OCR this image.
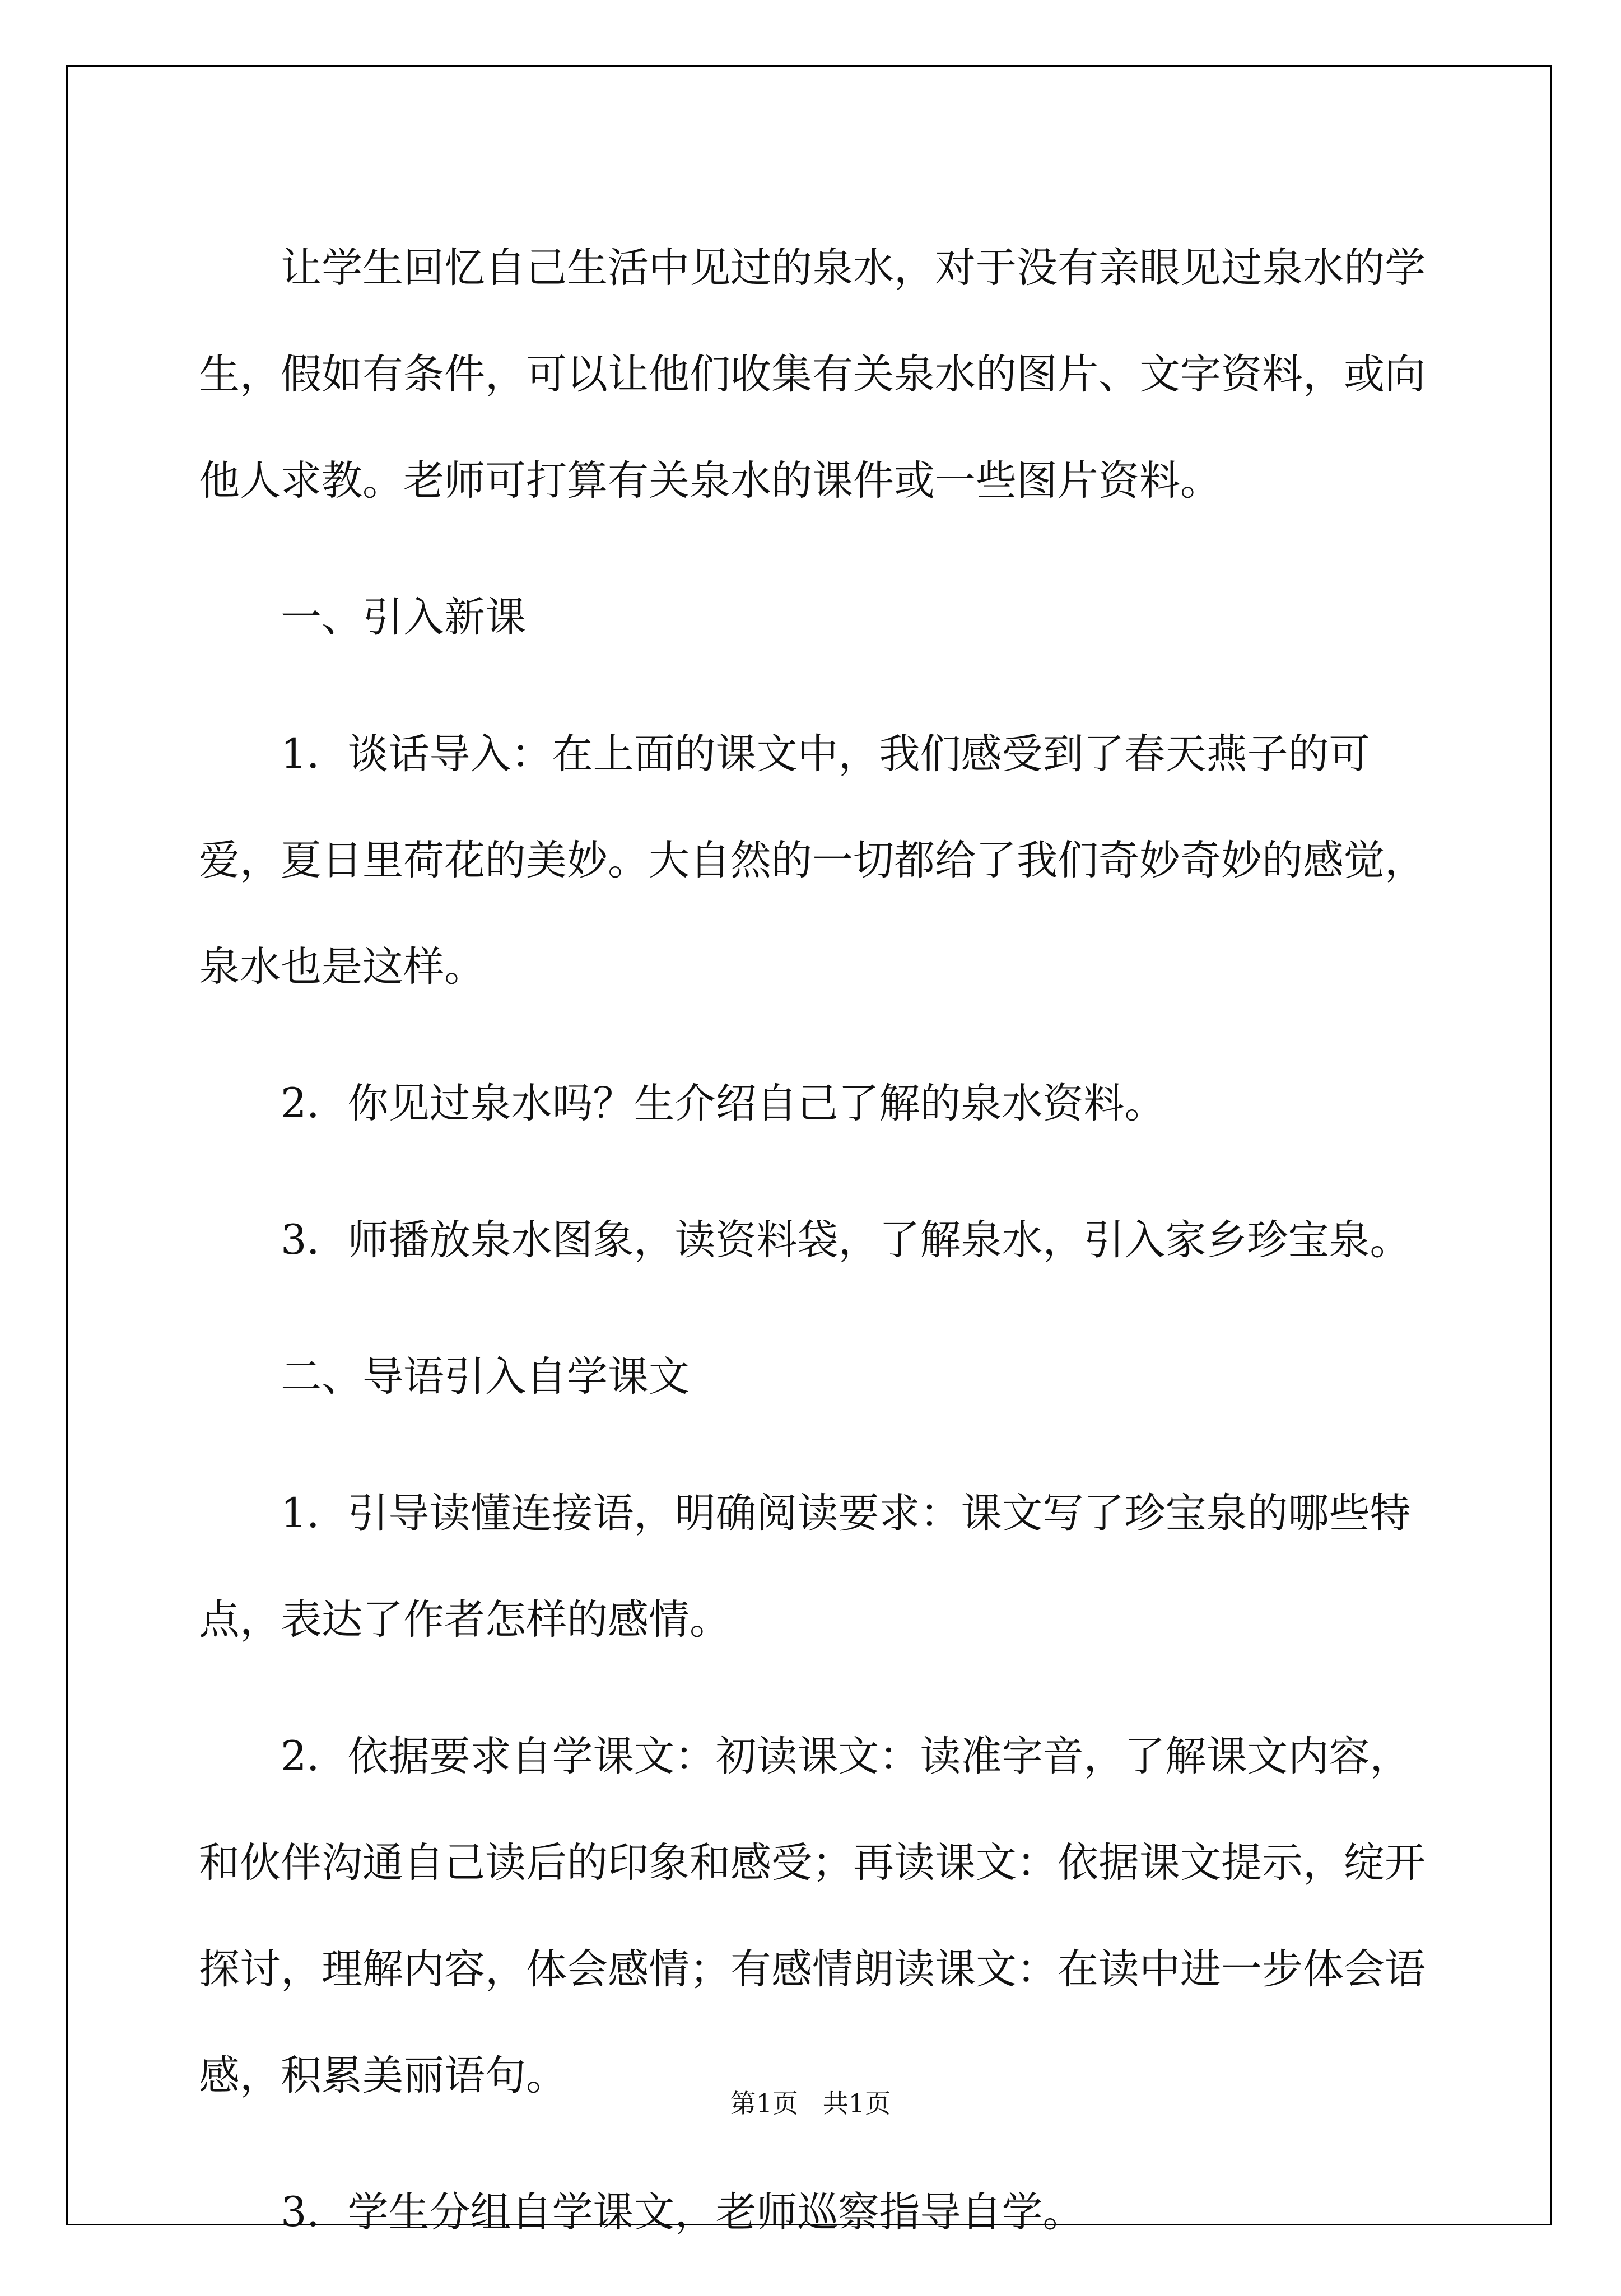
让学生回忆自己生活中见过的泉水，对于没有亲眼见过泉水的学生，假如有条件，可以让他们收集有关泉水的图片、文字资料，或向他人求教。老师可打算有关泉水的课件或一些图片资料。

一、引入新课

1．谈话导入：在上面的课文中，我们感受到了春天燕子的可爱，夏日里荷花的美妙。大自然的一切都给了我们奇妙奇妙的感觉，泉水也是这样。

2．你见过泉水吗？生介绍自己了解的泉水资料。

3．师播放泉水图象，读资料袋，了解泉水，引入家乡珍宝泉。

二、导语引入自学课文

1．引导读懂连接语，明确阅读要求：课文写了珍宝泉的哪些特点，表达了作者怎样的感情。

2．依据要求自学课文：初读课文：读准字音，了解课文内容，和伙伴沟通自己读后的印象和感受；再读课文：依据课文提示，绽开探讨，理解内容，体会感情；有感情朗读课文：在读中进一步体会语感，积累美丽语句。

3．学生分组自学课文，老师巡察指导自学。

第1页   共1页
